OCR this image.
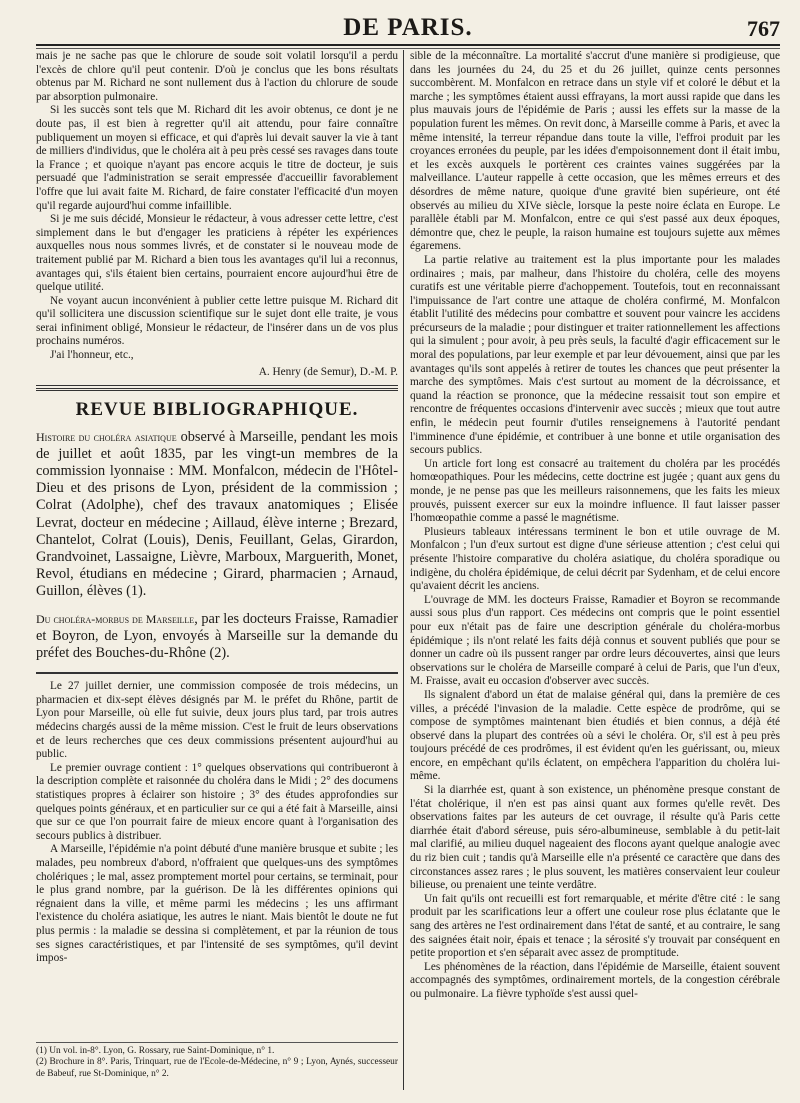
DE PARIS.	767

mais je ne sache pas que le chlorure de soude soit volatil lorsqu'il a perdu l'excès de chlore qu'il peut contenir. D'où je conclus que les bons résultats obtenus par M. Richard ne sont nullement dus à l'action du chlorure de soude par absorption pulmonaire.

Si les succès sont tels que M. Richard dit les avoir obtenus, ce dont je ne doute pas, il est bien à regretter qu'il ait attendu, pour faire connaître publiquement un moyen si efficace, et qui d'après lui devait sauver la vie à tant de milliers d'individus, que le choléra ait à peu près cessé ses ravages dans toute la France ; et quoique n'ayant pas encore acquis le titre de docteur, je suis persuadé que l'administration se serait empressée d'accueillir favorablement l'offre que lui avait faite M. Richard, de faire constater l'efficacité d'un moyen qu'il regarde aujourd'hui comme infaillible.

Si je me suis décidé, Monsieur le rédacteur, à vous adresser cette lettre, c'est simplement dans le but d'engager les praticiens à répéter les expériences auxquelles nous nous sommes livrés, et de constater si le nouveau mode de traitement publié par M. Richard a bien tous les avantages qu'il lui a reconnus, avantages qui, s'ils étaient bien certains, pourraient encore aujourd'hui être de quelque utilité.

Ne voyant aucun inconvénient à publier cette lettre puisque M. Richard dit qu'il sollicitera une discussion scientifique sur le sujet dont elle traite, je vous serai infiniment obligé, Monsieur le rédacteur, de l'insérer dans un de vos plus prochains numéros.

J'ai l'honneur, etc.,

A. Henry (de Semur), D.-M. P.
REVUE BIBLIOGRAPHIQUE.

Histoire du choléra asiatique observé à Marseille, pendant les mois de juillet et août 1835, par les vingt-un membres de la commission lyonnaise : MM. Monfalcon, médecin de l'Hôtel-Dieu et des prisons de Lyon, président de la commission ; Colrat (Adolphe), chef des travaux anatomiques ; Elisée Levrat, docteur en médecine ; Aillaud, élève interne ; Brezard, Chantelot, Colrat (Louis), Denis, Feuillant, Gelas, Girardon, Grandvoinet, Lassaigne, Lièvre, Marboux, Marguerith, Monet, Revol, étudians en médecine ; Girard, pharmacien ; Arnaud, Guillon, élèves (1).

Du choléra-morbus de Marseille, par les docteurs Fraisse, Ramadier et Boyron, de Lyon, envoyés à Marseille sur la demande du préfet des Bouches-du-Rhône (2).

Le 27 juillet dernier, une commission composée de trois médecins, un pharmacien et dix-sept élèves désignés par M. le préfet du Rhône, partit de Lyon pour Marseille, où elle fut suivie, deux jours plus tard, par trois autres médecins chargés aussi de la même mission. C'est le fruit de leurs observations et de leurs recherches que ces deux commissions présentent aujourd'hui au public.

Le premier ouvrage contient : 1° quelques observations qui contribueront à la description complète et raisonnée du choléra dans le Midi ; 2° des documens statistiques propres à éclairer son histoire ; 3° des études approfondies sur quelques points généraux, et en particulier sur ce qui a été fait à Marseille, ainsi que sur ce que l'on pourrait faire de mieux encore quant à l'organisation des secours publics à distribuer.

A Marseille, l'épidémie n'a point débuté d'une manière brusque et subite ; les malades, peu nombreux d'abord, n'offraient que quelques-uns des symptômes cholériques ; le mal, assez promptement mortel pour certains, se terminait, pour le plus grand nombre, par la guérison. De là les différentes opinions qui régnaient dans la ville, et même parmi les médecins ; les uns affirmant l'existence du choléra asiatique, les autres le niant. Mais bientôt le doute ne fut plus permis : la maladie se dessina si complètement, et par la réunion de tous ses signes caractéristiques, et par l'intensité de ses symptômes, qu'il devint impos-

(1) Un vol. in-8°. Lyon, G. Rossary, rue Saint-Dominique, n° 1.
(2) Brochure in 8°. Paris, Trinquart, rue de l'Ecole-de-Médecine, n° 9 ; Lyon, Aynés, successeur de Babeuf, rue St-Dominique, n° 2.

sible de la méconnaître. La mortalité s'accrut d'une manière si prodigieuse, que dans les journées du 24, du 25 et du 26 juillet, quinze cents personnes succombèrent. M. Monfalcon en retrace dans un style vif et coloré le début et la marche ; les symptômes étaient aussi effrayans, la mort aussi rapide que dans les plus mauvais jours de l'épidémie de Paris ; aussi les effets sur la masse de la population furent les mêmes. On revit donc, à Marseille comme à Paris, et avec la même intensité, la terreur répandue dans toute la ville, l'effroi produit par les croyances erronées du peuple, par les idées d'empoisonnement dont il était imbu, et les excès auxquels le portèrent ces craintes vaines suggérées par la malveillance. L'auteur rappelle à cette occasion, que les mêmes erreurs et des désordres de même nature, quoique d'une gravité bien supérieure, ont été observés au milieu du XIVe siècle, lorsque la peste noire éclata en Europe. Le parallèle établi par M. Monfalcon, entre ce qui s'est passé aux deux époques, démontre que, chez le peuple, la raison humaine est toujours sujette aux mêmes égaremens.

La partie relative au traitement est la plus importante pour les malades ordinaires ; mais, par malheur, dans l'histoire du choléra, celle des moyens curatifs est une véritable pierre d'achoppement. Toutefois, tout en reconnaissant l'impuissance de l'art contre une attaque de choléra confirmé, M. Monfalcon établit l'utilité des médecins pour combattre et souvent pour vaincre les accidens précurseurs de la maladie ; pour distinguer et traiter rationnellement les affections qui la simulent ; pour avoir, à peu près seuls, la faculté d'agir efficacement sur le moral des populations, par leur exemple et par leur dévouement, ainsi que par les avantages qu'ils sont appelés à retirer de toutes les chances que peut présenter la marche des symptômes. Mais c'est surtout au moment de la décroissance, et quand la réaction se prononce, que la médecine ressaisit tout son empire et rencontre de fréquentes occasions d'intervenir avec succès ; mieux que tout autre enfin, le médecin peut fournir d'utiles renseignemens à l'autorité pendant l'imminence d'une épidémie, et contribuer à une bonne et utile organisation des secours publics.

Un article fort long est consacré au traitement du choléra par les procédés homœopathiques. Pour les médecins, cette doctrine est jugée ; quant aux gens du monde, je ne pense pas que les meilleurs raisonnemens, que les faits les mieux prouvés, puissent exercer sur eux la moindre influence. Il faut laisser passer l'homœopathie comme a passé le magnétisme.

Plusieurs tableaux intéressans terminent le bon et utile ouvrage de M. Monfalcon ; l'un d'eux surtout est digne d'une sérieuse attention ; c'est celui qui présente l'histoire comparative du choléra asiatique, du choléra sporadique ou indigène, du choléra épidémique, de celui décrit par Sydenham, et de celui encore qu'avaient décrit les anciens.

L'ouvrage de MM. les docteurs Fraisse, Ramadier et Boyron se recommande aussi sous plus d'un rapport. Ces médecins ont compris que le point essentiel pour eux n'était pas de faire une description générale du choléra-morbus épidémique ; ils n'ont relaté les faits déjà connus et souvent publiés que pour se donner un cadre où ils pussent ranger par ordre leurs découvertes, ainsi que leurs observations sur le choléra de Marseille comparé à celui de Paris, que l'un d'eux, M. Fraisse, avait eu occasion d'observer avec succès.

Ils signalent d'abord un état de malaise général qui, dans la première de ces villes, a précédé l'invasion de la maladie. Cette espèce de prodrôme, qui se compose de symptômes maintenant bien étudiés et bien connus, a déjà été observé dans la plupart des contrées où a sévi le choléra. Or, s'il est à peu près toujours précédé de ces prodrômes, il est évident qu'en les guérissant, ou, mieux encore, en empêchant qu'ils éclatent, on empêchera l'apparition du choléra lui-même.

Si la diarrhée est, quant à son existence, un phénomène presque constant de l'état cholérique, il n'en est pas ainsi quant aux formes qu'elle revêt. Des observations faites par les auteurs de cet ouvrage, il résulte qu'à Paris cette diarrhée était d'abord séreuse, puis séro-albumineuse, semblable à du petit-lait mal clarifié, au milieu duquel nageaient des flocons ayant quelque analogie avec du riz bien cuit ; tandis qu'à Marseille elle n'a présenté ce caractère que dans des circonstances assez rares ; le plus souvent, les matières conservaient leur couleur bilieuse, ou prenaient une teinte verdâtre.

Un fait qu'ils ont recueilli est fort remarquable, et mérite d'être cité : le sang produit par les scarifications leur a offert une couleur rose plus éclatante que le sang des artères ne l'est ordinairement dans l'état de santé, et au contraire, le sang des saignées était noir, épais et tenace ; la sérosité s'y trouvait par conséquent en petite proportion et s'en séparait avec assez de promptitude.

Les phénomènes de la réaction, dans l'épidémie de Marseille, étaient souvent accompagnés des symptômes, ordinairement mortels, de la congestion cérébrale ou pulmonaire. La fièvre typhoïde s'est aussi quel-
